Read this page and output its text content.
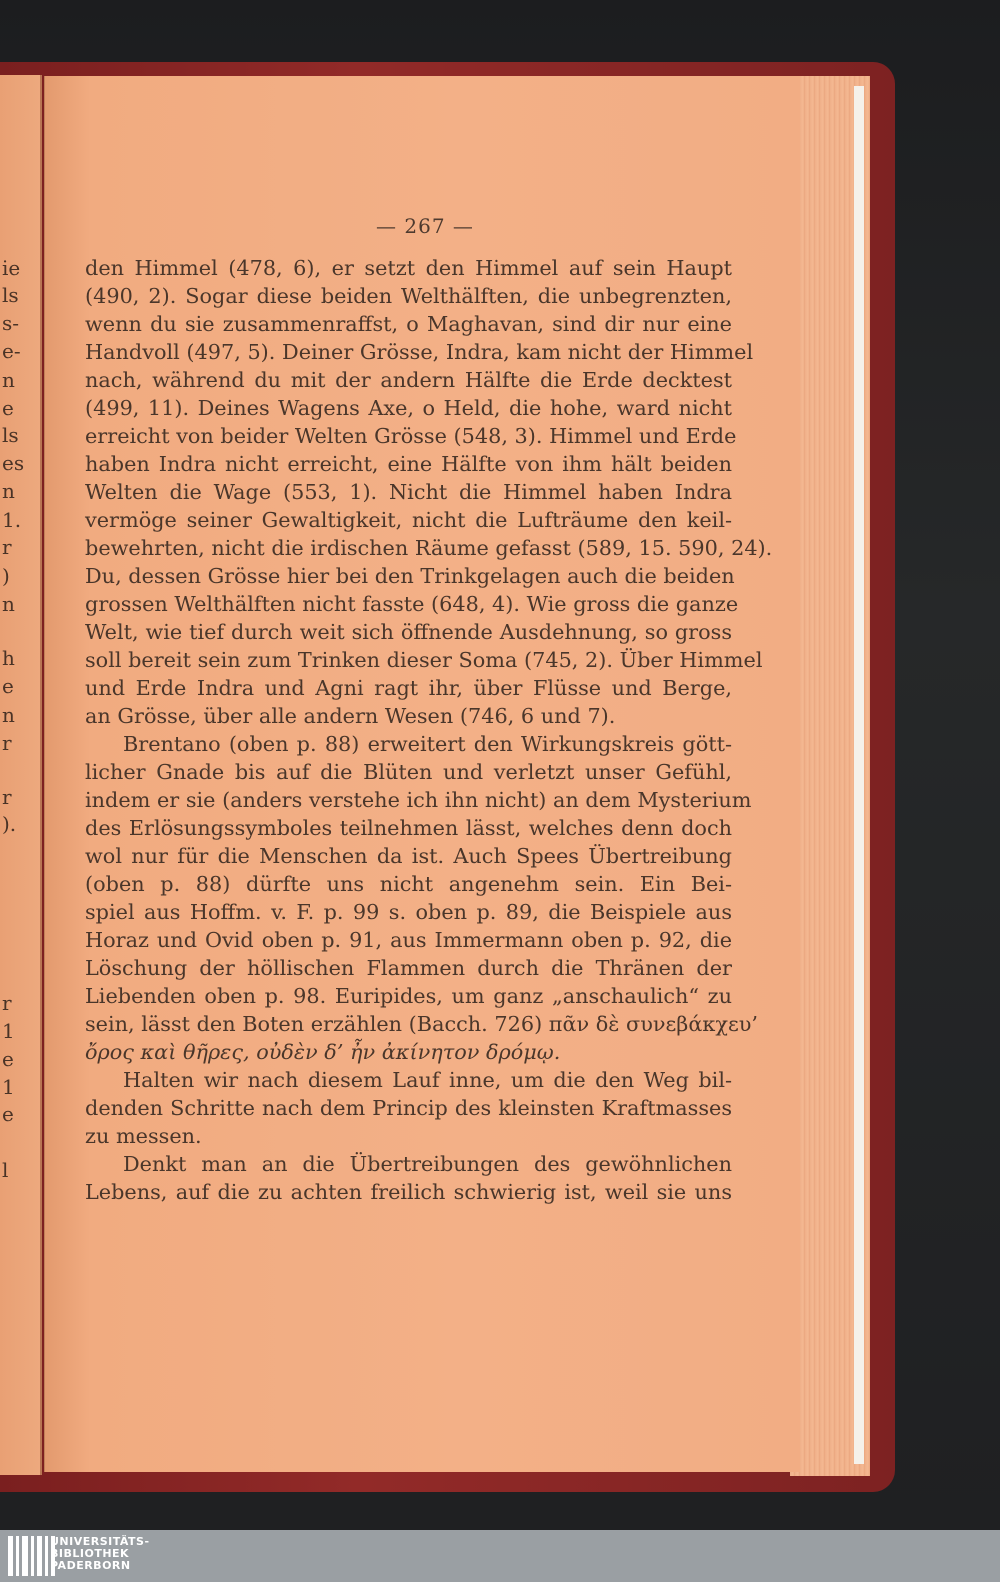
ie
ls
s-
e-
n
e
ls
es
n
1.
r
)
n
h
e
n
r
r
).
r
1
e
1
e
l
— 267 —
den Himmel (478, 6), er setzt den Himmel auf sein Haupt
(490, 2). Sogar diese beiden Welthälften, die unbegrenzten,
wenn du sie zusammenraffst, o Maghavan, sind dir nur eine
Handvoll (497, 5). Deiner Grösse, Indra, kam nicht der Himmel
nach, während du mit der andern Hälfte die Erde decktest
(499, 11). Deines Wagens Axe, o Held, die hohe, ward nicht
erreicht von beider Welten Grösse (548, 3). Himmel und Erde
haben Indra nicht erreicht, eine Hälfte von ihm hält beiden
Welten die Wage (553, 1). Nicht die Himmel haben Indra
vermöge seiner Gewaltigkeit, nicht die Lufträume den keil-
bewehrten, nicht die irdischen Räume gefasst (589, 15. 590, 24).
Du, dessen Grösse hier bei den Trinkgelagen auch die beiden
grossen Welthälften nicht fasste (648, 4). Wie gross die ganze
Welt, wie tief durch weit sich öffnende Ausdehnung, so gross
soll bereit sein zum Trinken dieser Soma (745, 2). Über Himmel
und Erde Indra und Agni ragt ihr, über Flüsse und Berge,
an Grösse, über alle andern Wesen (746, 6 und 7).
Brentano (oben p. 88) erweitert den Wirkungskreis gött-
licher Gnade bis auf die Blüten und verletzt unser Gefühl,
indem er sie (anders verstehe ich ihn nicht) an dem Mysterium
des Erlösungssymboles teilnehmen lässt, welches denn doch
wol nur für die Menschen da ist. Auch Spees Übertreibung
(oben p. 88) dürfte uns nicht angenehm sein. Ein Bei-
spiel aus Hoffm. v. F. p. 99 s. oben p. 89, die Beispiele aus
Horaz und Ovid oben p. 91, aus Immermann oben p. 92, die
Löschung der höllischen Flammen durch die Thränen der
Liebenden oben p. 98. Euripides, um ganz „anschaulich“ zu
sein, lässt den Boten erzählen (Bacch. 726) πᾶν δὲ συνεβάκχευ’
ὄρος καὶ θῆρες, οὐδὲν δ’ ἦν ἀκίνητον δρόμῳ.
Halten wir nach diesem Lauf inne, um die den Weg bil-
denden Schritte nach dem Princip des kleinsten Kraftmasses
zu messen.
Denkt man an die Übertreibungen des gewöhnlichen
Lebens, auf die zu achten freilich schwierig ist, weil sie uns
UNIVERSITÄTS-
BIBLIOTHEK
PADERBORN
